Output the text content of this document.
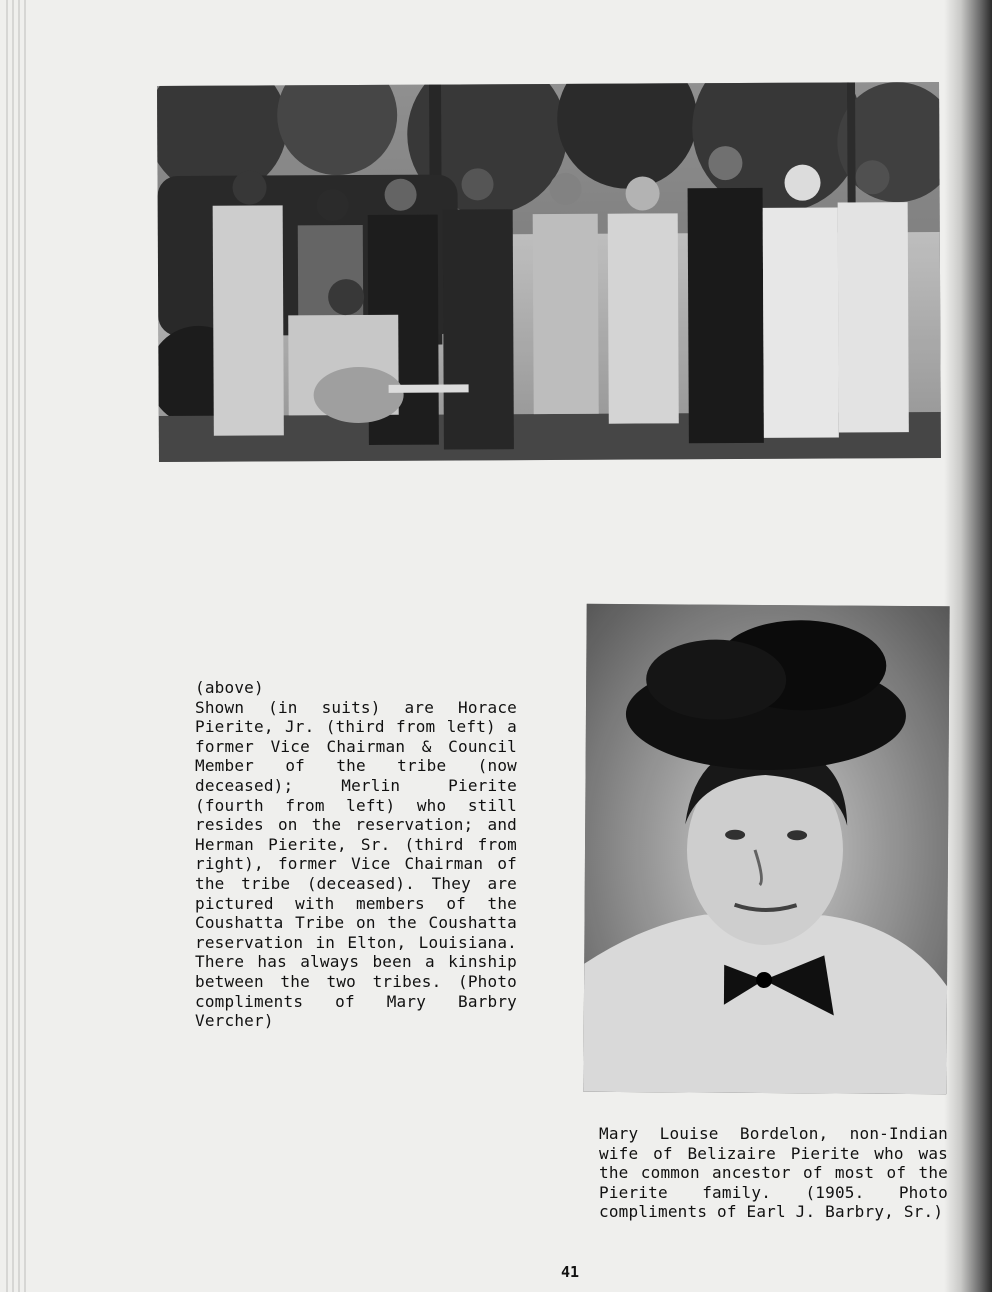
(above)
Shown (in suits) are Horace Pierite, Jr. (third from left) a former Vice Chairman & Council Member of the tribe (now deceased); Merlin Pierite (fourth from left) who still resides on the reservation; and Herman Pierite, Sr. (third from right), former Vice Chairman of the tribe (deceased). They are pictured with members of the Coushatta Tribe on the Coushatta reservation in Elton, Louisiana. There has always been a kinship between the two tribes. (Photo compliments of Mary Barbry Vercher)
Mary Louise Bordelon, non-Indian wife of Belizaire Pierite who was the common ancestor of most of the Pierite family. (1905. Photo compliments of Earl J. Barbry, Sr.)
41
